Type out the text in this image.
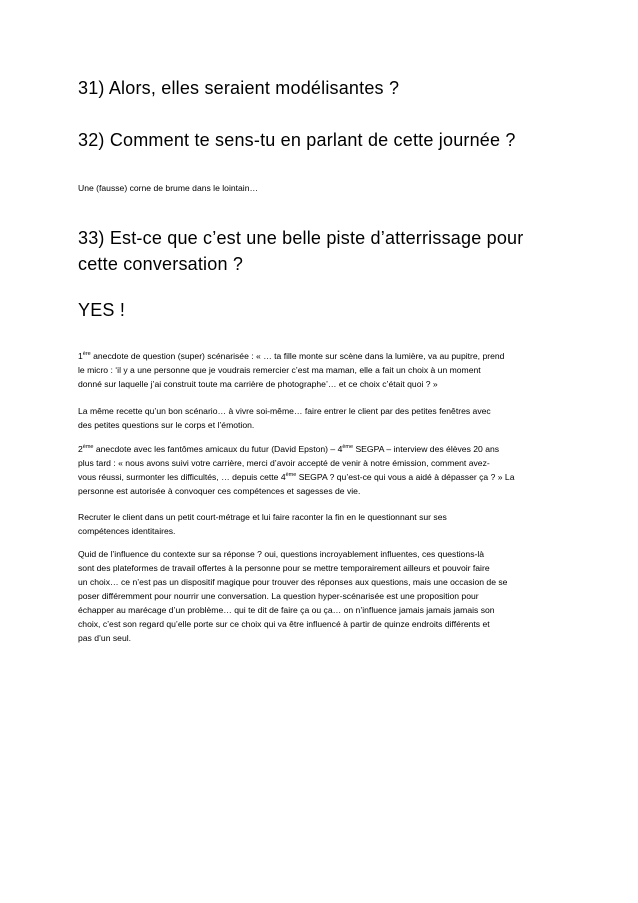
31) Alors, elles seraient modélisantes ?
32) Comment te sens-tu en parlant de cette journée ?

Une (fausse) corne de brume dans le lointain…

33) Est-ce que c’est une belle piste d’atterrissage pour
cette conversation ?
YES !

1ère anecdote de question (super) scénarisée : « … ta fille monte sur scène dans la lumière, va au pupitre, prend
le micro : ‘il y a une personne que je voudrais remercier c’est ma maman, elle a fait un choix à un moment
donné sur laquelle j’ai construit toute ma carrière de photographe’… et ce choix c’était quoi ? »

La même recette qu’un bon scénario… à vivre soi-même… faire entrer le client par des petites fenêtres avec
des petites questions sur le corps et l’émotion.

2ème anecdote avec les fantômes amicaux du futur (David Epston) – 4ème SEGPA – interview des élèves 20 ans
plus tard : « nous avons suivi votre carrière, merci d’avoir accepté de venir à notre émission, comment avez-
vous réussi, surmonter les difficultés, … depuis cette 4ème SEGPA ? qu’est-ce qui vous a aidé à dépasser ça ? » La
personne est autorisée à convoquer ces compétences et sagesses de vie.

Recruter le client dans un petit court-métrage et lui faire raconter la fin en le questionnant sur ses
compétences identitaires.

Quid de l’influence du contexte sur sa réponse ? oui, questions incroyablement influentes, ces questions-là
sont des plateformes de travail offertes à la personne pour se mettre temporairement ailleurs et pouvoir faire
un choix… ce n’est pas un dispositif magique pour trouver des réponses aux questions, mais une occasion de se
poser différemment pour nourrir une conversation. La question hyper-scénarisée est une proposition pour
échapper au marécage d’un problème… qui te dit de faire ça ou ça… on n’influence jamais jamais jamais son
choix, c’est son regard qu’elle porte sur ce choix qui va être influencé à partir de quinze endroits différents et
pas d’un seul.
